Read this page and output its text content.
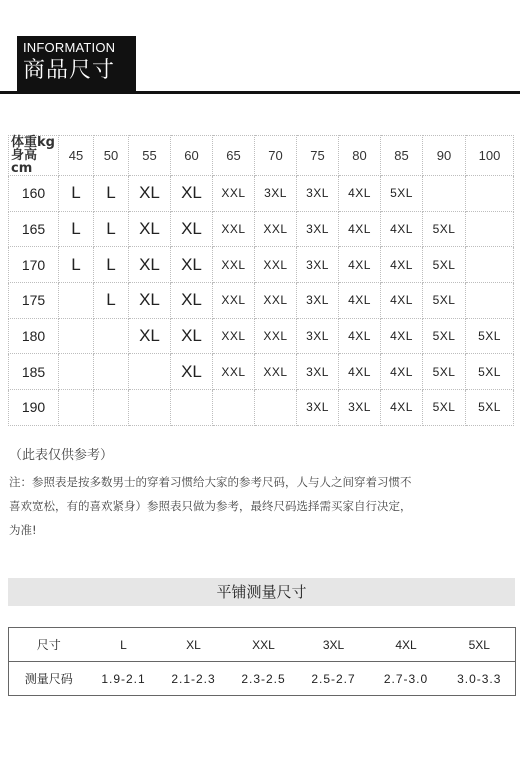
INFORMATION
商品尺寸
体重kg
身高cm	45	50	55	60	65	70	75	80	85	90	100
160	L	L	XL	XL	XXL	3XL	3XL	4XL	5XL		
165	L	L	XL	XL	XXL	XXL	3XL	4XL	4XL	5XL	
170	L	L	XL	XL	XXL	XXL	3XL	4XL	4XL	5XL	
175		L	XL	XL	XXL	XXL	3XL	4XL	4XL	5XL	
180			XL	XL	XXL	XXL	3XL	4XL	4XL	5XL	5XL
185				XL	XXL	XXL	3XL	4XL	4XL	5XL	5XL
190							3XL	3XL	4XL	5XL	5XL
（此表仅供参考）

注：参照表是按多数男士的穿着习惯给大家的参考尺码，人与人之间穿着习惯不

喜欢宽松，有的喜欢紧身）参照表只做为参考，最终尺码选择需买家自行决定，

为准!

平铺测量尺寸
尺寸	L	XL	XXL	3XL	4XL	5XL
测量尺码	1.9-2.1	2.1-2.3	2.3-2.5	2.5-2.7	2.7-3.0	3.0-3.3
